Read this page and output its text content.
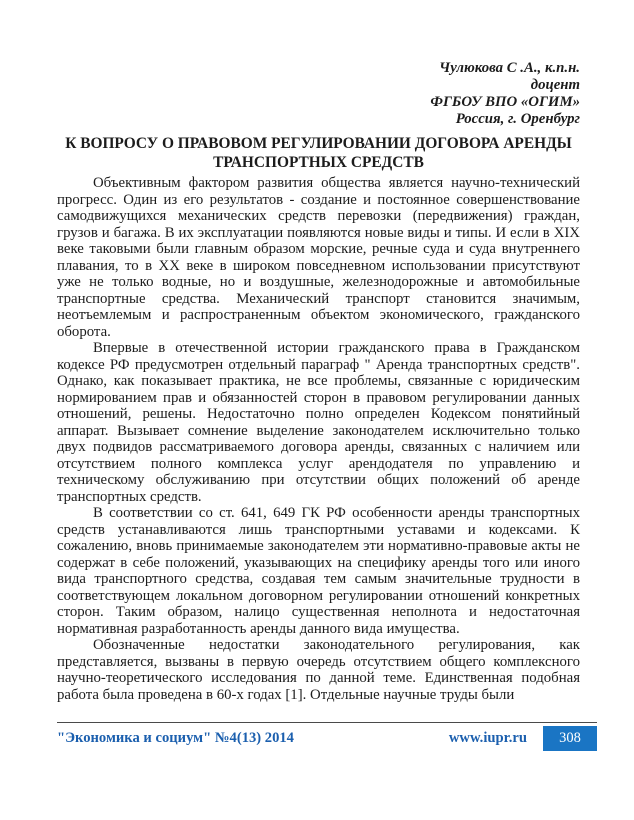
Чулюкова С .А., к.п.н.
доцент
ФГБОУ ВПО «ОГИМ»
Россия, г. Оренбург
К ВОПРОСУ О ПРАВОВОМ РЕГУЛИРОВАНИИ ДОГОВОРА АРЕНДЫ
ТРАНСПОРТНЫХ СРЕДСТВ

Объективным фактором развития общества является научно-технический прогресс. Один из его результатов - создание и постоянное совершенствование самодвижущихся механических средств перевозки (передвижения) граждан, грузов и багажа. В их эксплуатации появляются новые виды и типы. И если в XIX веке таковыми были главным образом морские, речные суда и суда внутреннего плавания, то в XX веке в широком повседневном использовании присутствуют уже не только водные, но и воздушные, железнодорожные и автомобильные транспортные средства. Механический транспорт становится значимым, неотъемлемым и распространенным объектом экономического, гражданского оборота.

Впервые в отечественной истории гражданского права в Гражданском кодексе РФ предусмотрен отдельный параграф " Аренда транспортных средств". Однако, как показывает практика, не все проблемы, связанные с юридическим нормированием прав и обязанностей сторон в правовом регулировании данных отношений, решены. Недостаточно полно определен Кодексом понятийный аппарат. Вызывает сомнение выделение законодателем исключительно только двух подвидов рассматриваемого договора аренды, связанных с наличием или отсутствием полного комплекса услуг арендодателя по управлению и техническому обслуживанию при отсутствии общих положений об аренде транспортных средств.

В соответствии со ст. 641, 649 ГК РФ особенности аренды транспортных средств устанавливаются лишь транспортными уставами и кодексами. К сожалению, вновь принимаемые законодателем эти нормативно-правовые акты не содержат в себе положений, указывающих на специфику аренды того или иного вида транспортного средства, создавая тем самым значительные трудности в соответствующем локальном договорном регулировании отношений конкретных сторон. Таким образом, налицо существенная неполнота и недостаточная нормативная разработанность аренды данного вида имущества.

Обозначенные недостатки законодательного регулирования, как представляется, вызваны в первую очередь отсутствием общего комплексного научно-теоретического исследования по данной теме. Единственная подобная работа была проведена в 60-х годах [1]. Отдельные научные труды были

"Экономика и социум" №4(13) 2014	www.iupr.ru	308
